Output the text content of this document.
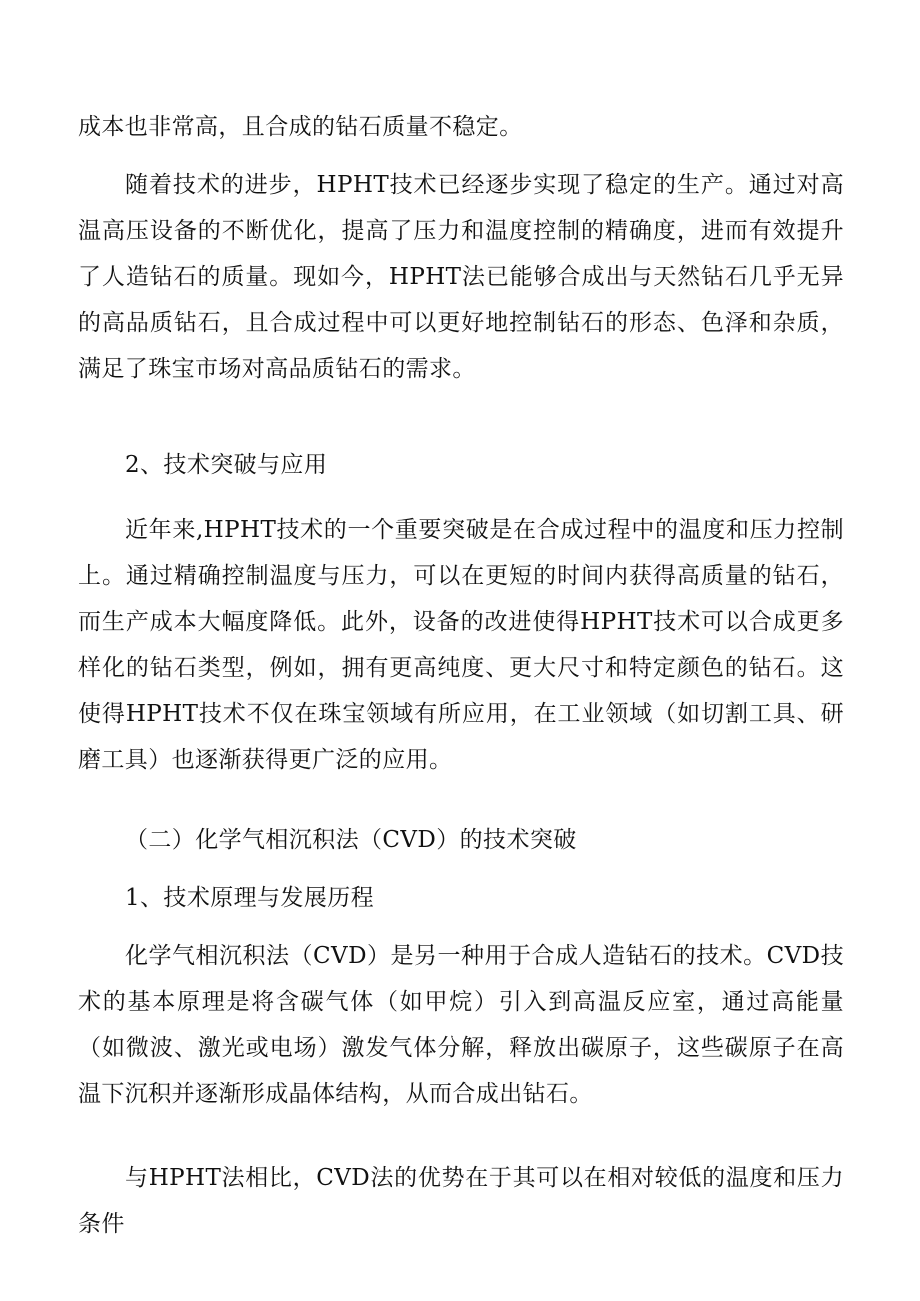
成本也非常高，且合成的钻石质量不稳定。

随着技术的进步，HPHT技术已经逐步实现了稳定的生产。通过对高温高压设备的不断优化，提高了压力和温度控制的精确度，进而有效提升了人造钻石的质量。现如今，HPHT法已能够合成出与天然钻石几乎无异的高品质钻石，且合成过程中可以更好地控制钻石的形态、色泽和杂质，满足了珠宝市场对高品质钻石的需求。

2、技术突破与应用

近年来,HPHT技术的一个重要突破是在合成过程中的温度和压力控制上。通过精确控制温度与压力，可以在更短的时间内获得高质量的钻石，而生产成本大幅度降低。此外，设备的改进使得HPHT技术可以合成更多样化的钻石类型，例如，拥有更高纯度、更大尺寸和特定颜色的钻石。这使得HPHT技术不仅在珠宝领域有所应用，在工业领域（如切割工具、研磨工具）也逐渐获得更广泛的应用。

（二）化学气相沉积法（CVD）的技术突破

1、技术原理与发展历程

化学气相沉积法（CVD）是另一种用于合成人造钻石的技术。CVD技术的基本原理是将含碳气体（如甲烷）引入到高温反应室，通过高能量（如微波、激光或电场）激发气体分解，释放出碳原子，这些碳原子在高温下沉积并逐渐形成晶体结构，从而合成出钻石。

与HPHT法相比，CVD法的优势在于其可以在相对较低的温度和压力条件
